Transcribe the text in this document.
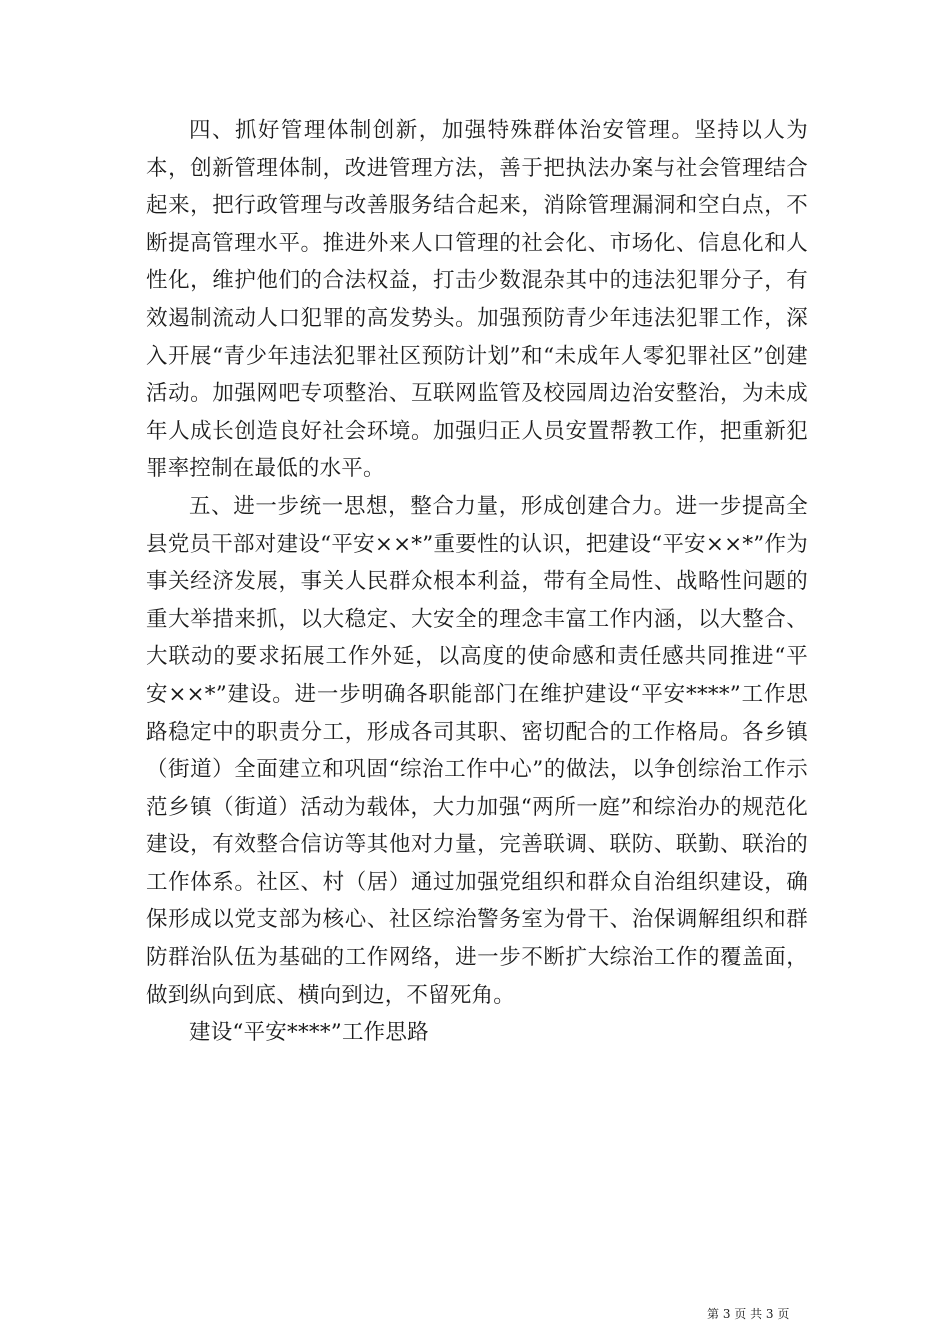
四、抓好管理体制创新，加强特殊群体治安管理。坚持以人为本，创新管理体制，改进管理方法，善于把执法办案与社会管理结合起来，把行政管理与改善服务结合起来，消除管理漏洞和空白点，不断提高管理水平。推进外来人口管理的社会化、市场化、信息化和人性化，维护他们的合法权益，打击少数混杂其中的违法犯罪分子，有效遏制流动人口犯罪的高发势头。加强预防青少年违法犯罪工作，深入开展“青少年违法犯罪社区预防计划”和“未成年人零犯罪社区”创建活动。加强网吧专项整治、互联网监管及校园周边治安整治，为未成年人成长创造良好社会环境。加强归正人员安置帮教工作，把重新犯罪率控制在最低的水平。

五、进一步统一思想，整合力量，形成创建合力。进一步提高全县党员干部对建设“平安××*”重要性的认识，把建设“平安××*”作为事关经济发展，事关人民群众根本利益，带有全局性、战略性问题的重大举措来抓，以大稳定、大安全的理念丰富工作内涵，以大整合、大联动的要求拓展工作外延，以高度的使命感和责任感共同推进“平安××*”建设。进一步明确各职能部门在维护建设“平安****”工作思路稳定中的职责分工，形成各司其职、密切配合的工作格局。各乡镇（街道）全面建立和巩固“综治工作中心”的做法，以争创综治工作示范乡镇（街道）活动为载体，大力加强“两所一庭”和综治办的规范化建设，有效整合信访等其他对力量，完善联调、联防、联勤、联治的工作体系。社区、村（居）通过加强党组织和群众自治组织建设，确保形成以党支部为核心、社区综治警务室为骨干、治保调解组织和群防群治队伍为基础的工作网络，进一步不断扩大综治工作的覆盖面，做到纵向到底、横向到边，不留死角。

建设“平安****”工作思路

第 3 页 共 3 页
